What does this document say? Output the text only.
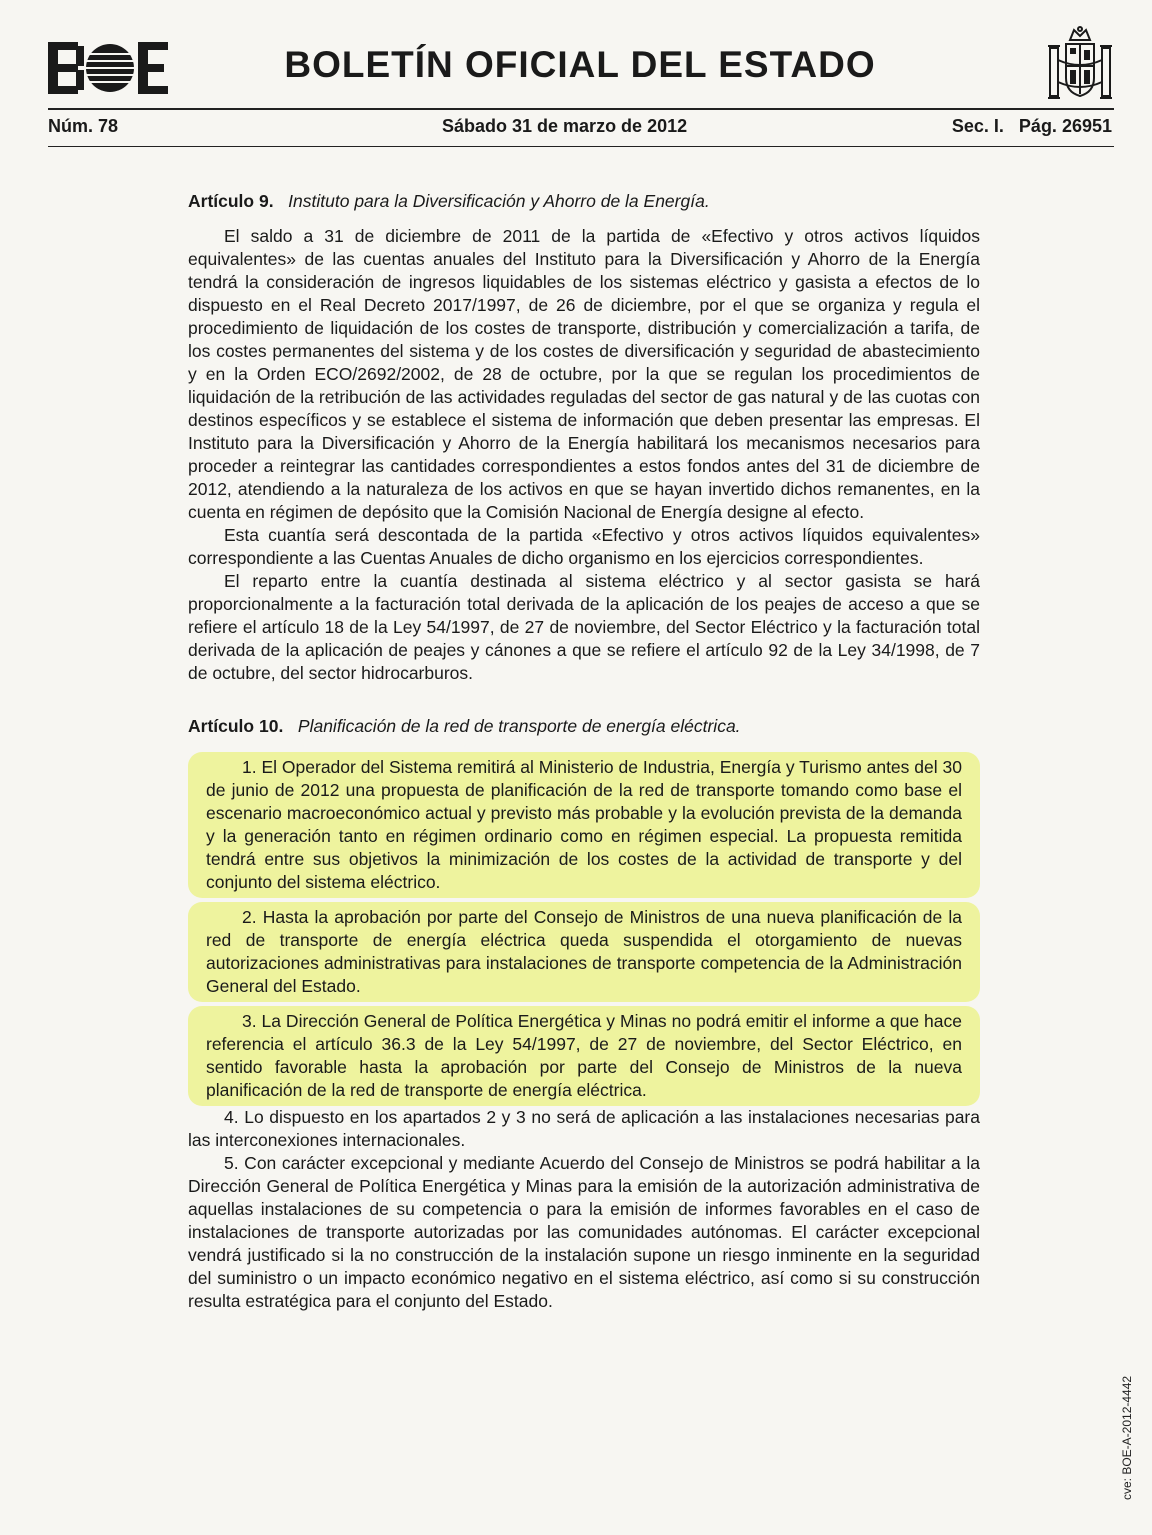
BOLETÍN OFICIAL DEL ESTADO
Núm. 78	Sábado 31 de marzo de 2012	Sec. I.   Pág. 26951

Artículo 9. Instituto para la Diversificación y Ahorro de la Energía.

El saldo a 31 de diciembre de 2011 de la partida de «Efectivo y otros activos líquidos equivalentes» de las cuentas anuales del Instituto para la Diversificación y Ahorro de la Energía tendrá la consideración de ingresos liquidables de los sistemas eléctrico y gasista a efectos de lo dispuesto en el Real Decreto 2017/1997, de 26 de diciembre, por el que se organiza y regula el procedimiento de liquidación de los costes de transporte, distribución y comercialización a tarifa, de los costes permanentes del sistema y de los costes de diversificación y seguridad de abastecimiento y en la Orden ECO/2692/2002, de 28 de octubre, por la que se regulan los procedimientos de liquidación de la retribución de las actividades reguladas del sector de gas natural y de las cuotas con destinos específicos y se establece el sistema de información que deben presentar las empresas. El Instituto para la Diversificación y Ahorro de la Energía habilitará los mecanismos necesarios para proceder a reintegrar las cantidades correspondientes a estos fondos antes del 31 de diciembre de 2012, atendiendo a la naturaleza de los activos en que se hayan invertido dichos remanentes, en la cuenta en régimen de depósito que la Comisión Nacional de Energía designe al efecto.

Esta cuantía será descontada de la partida «Efectivo y otros activos líquidos equivalentes» correspondiente a las Cuentas Anuales de dicho organismo en los ejercicios correspondientes.

El reparto entre la cuantía destinada al sistema eléctrico y al sector gasista se hará proporcionalmente a la facturación total derivada de la aplicación de los peajes de acceso a que se refiere el artículo 18 de la Ley 54/1997, de 27 de noviembre, del Sector Eléctrico y la facturación total derivada de la aplicación de peajes y cánones a que se refiere el artículo 92 de la Ley 34/1998, de 7 de octubre, del sector hidrocarburos.

Artículo 10. Planificación de la red de transporte de energía eléctrica.

1. El Operador del Sistema remitirá al Ministerio de Industria, Energía y Turismo antes del 30 de junio de 2012 una propuesta de planificación de la red de transporte tomando como base el escenario macroeconómico actual y previsto más probable y la evolución prevista de la demanda y la generación tanto en régimen ordinario como en régimen especial. La propuesta remitida tendrá entre sus objetivos la minimización de los costes de la actividad de transporte y del conjunto del sistema eléctrico.

2. Hasta la aprobación por parte del Consejo de Ministros de una nueva planificación de la red de transporte de energía eléctrica queda suspendida el otorgamiento de nuevas autorizaciones administrativas para instalaciones de transporte competencia de la Administración General del Estado.

3. La Dirección General de Política Energética y Minas no podrá emitir el informe a que hace referencia el artículo 36.3 de la Ley 54/1997, de 27 de noviembre, del Sector Eléctrico, en sentido favorable hasta la aprobación por parte del Consejo de Ministros de la nueva planificación de la red de transporte de energía eléctrica.

4. Lo dispuesto en los apartados 2 y 3 no será de aplicación a las instalaciones necesarias para las interconexiones internacionales.

5. Con carácter excepcional y mediante Acuerdo del Consejo de Ministros se podrá habilitar a la Dirección General de Política Energética y Minas para la emisión de la autorización administrativa de aquellas instalaciones de su competencia o para la emisión de informes favorables en el caso de instalaciones de transporte autorizadas por las comunidades autónomas. El carácter excepcional vendrá justificado si la no construcción de la instalación supone un riesgo inminente en la seguridad del suministro o un impacto económico negativo en el sistema eléctrico, así como si su construcción resulta estratégica para el conjunto del Estado.

cve: BOE-A-2012-4442
